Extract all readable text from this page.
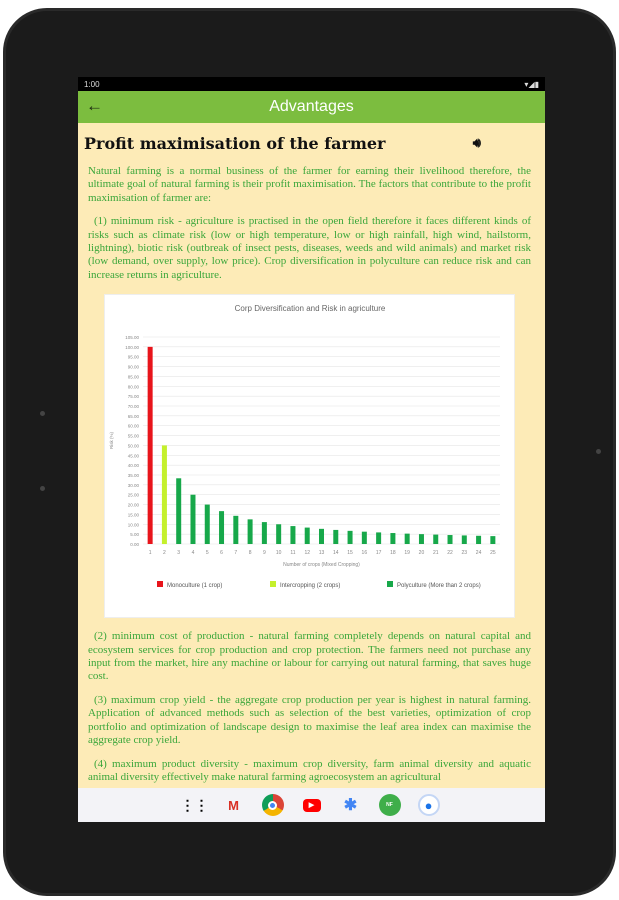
1:00	▾◢▮
←	Advantages
Profit maximisation of the farmer	🔊︎

Natural farming is a normal business of the farmer for earning their livelihood therefore, the ultimate goal of natural farming is their profit maximisation. The factors that contribute to the profit maximisation of farmer are:

(1) minimum risk - agriculture is practised in the open field therefore it faces different kinds of risks such as climate risk (low or high temperature, low or high rainfall, high wind, hailstorm, lightning), biotic risk (outbreak of insect pests, diseases, weeds and wild animals) and market risk (low demand, over supply, low price). Crop diversification in polyculture can reduce risk and can increase returns in agriculture.

Corp Diversification and Risk in agriculture
0.00
5.00
10.00
15.00
20.00
25.00
30.00
35.00
40.00
45.00
50.00
55.00
60.00
65.00
70.00
75.00
80.00
85.00
90.00
95.00
100.00
105.00
Risk (%)
1 2 3 4 5 6 7 8 9 10 11 12 13 14 15 16 17 18 19 20 21 22 23 24 25
Number of crops (Mixed Cropping)
Monoculture (1 crop)	Intercropping (2 crops)	Polyculture (More than 2 crops)

(2) minimum cost of production - natural farming completely depends on natural capital and ecosystem services for crop production and crop protection. The farmers need not purchase any input from the market, hire any machine or labour for carrying out natural farming, that saves huge cost.

(3) maximum crop yield - the aggregate crop production per year is highest in natural farming. Application of advanced methods such as selection of the best varieties, optimization of crop portfolio and optimization of landscape design to maximise the leaf area index can maximise the aggregate crop yield.

(4) maximum product diversity - maximum crop diversity, farm animal diversity and aquatic animal diversity effectively make natural farming agroecosystem an agricultural

⋮⋮	M	▶	✱	NF	●
